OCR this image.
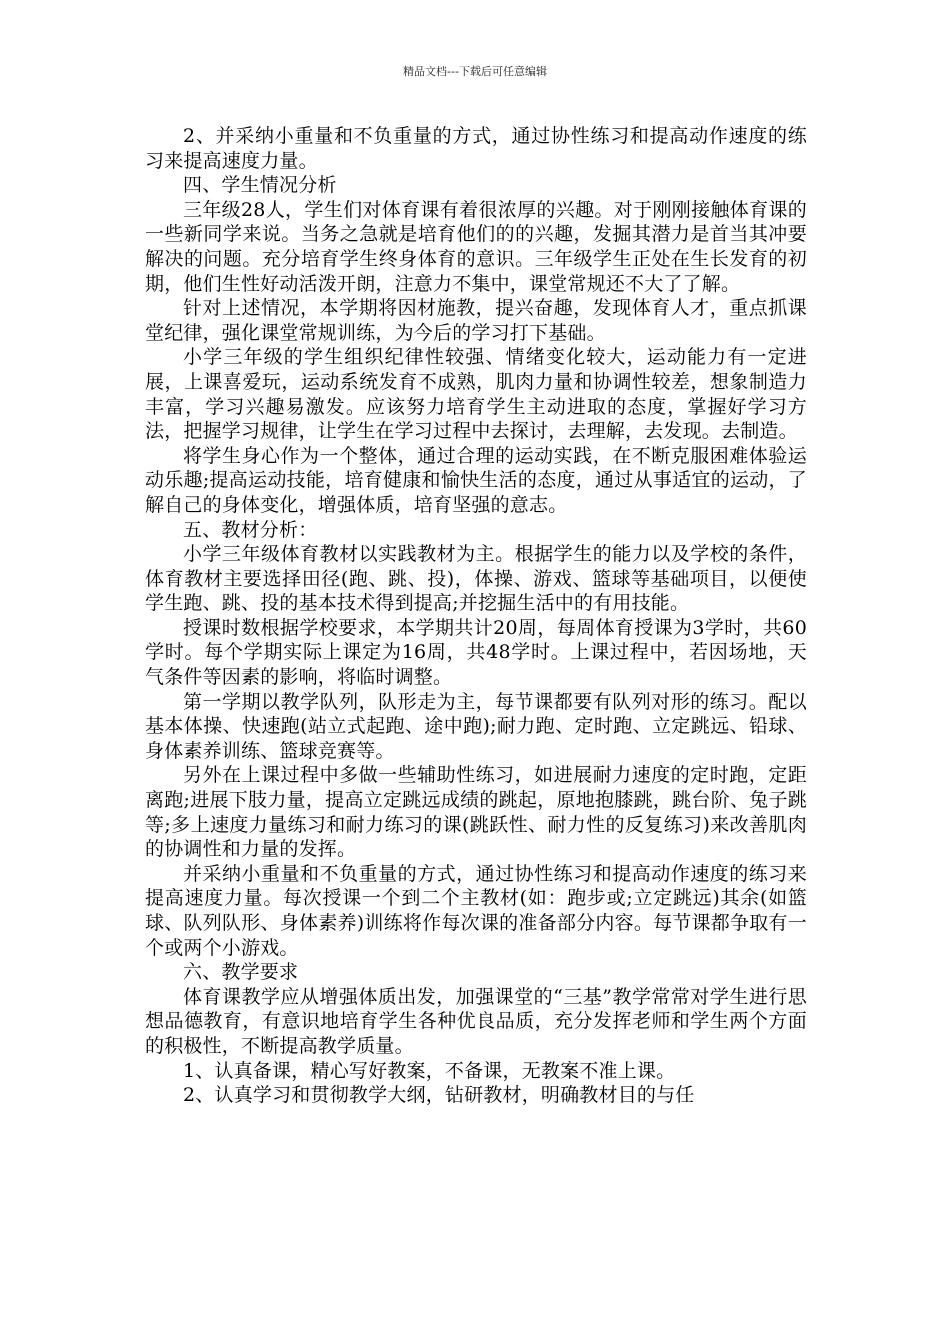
精品文档---下载后可任意编辑

2、并采纳小重量和不负重量的方式，通过协性练习和提高动作速度的练习来提高速度力量。

四、学生情况分析

三年级28人，学生们对体育课有着很浓厚的兴趣。对于刚刚接触体育课的一些新同学来说。当务之急就是培育他们的的兴趣，发掘其潜力是首当其冲要解决的问题。充分培育学生终身体育的意识。三年级学生正处在生长发育的初期，他们生性好动活泼开朗，注意力不集中，课堂常规还不大了了解。

针对上述情况，本学期将因材施教，提兴奋趣，发现体育人才，重点抓课堂纪律，强化课堂常规训练，为今后的学习打下基础。

小学三年级的学生组织纪律性较强、情绪变化较大，运动能力有一定进展，上课喜爱玩，运动系统发育不成熟，肌肉力量和协调性较差，想象制造力丰富，学习兴趣易激发。应该努力培育学生主动进取的态度，掌握好学习方法，把握学习规律，让学生在学习过程中去探讨，去理解，去发现。去制造。

将学生身心作为一个整体，通过合理的运动实践，在不断克服困难体验运动乐趣;提高运动技能，培育健康和愉快生活的态度，通过从事适宜的运动，了解自己的身体变化，增强体质，培育坚强的意志。

五、教材分析：

小学三年级体育教材以实践教材为主。根据学生的能力以及学校的条件，体育教材主要选择田径(跑、跳、投)，体操、游戏、篮球等基础项目，以便使学生跑、跳、投的基本技术得到提高;并挖掘生活中的有用技能。

授课时数根据学校要求，本学期共计20周，每周体育授课为3学时，共60学时。每个学期实际上课定为16周，共48学时。上课过程中，若因场地，天气条件等因素的影响，将临时调整。

第一学期以教学队列，队形走为主，每节课都要有队列对形的练习。配以基本体操、快速跑(站立式起跑、途中跑);耐力跑、定时跑、立定跳远、铅球、身体素养训练、篮球竞赛等。

另外在上课过程中多做一些辅助性练习，如进展耐力速度的定时跑，定距离跑;进展下肢力量，提高立定跳远成绩的跳起，原地抱膝跳，跳台阶、兔子跳等;多上速度力量练习和耐力练习的课(跳跃性、耐力性的反复练习)来改善肌肉的协调性和力量的发挥。

并采纳小重量和不负重量的方式，通过协性练习和提高动作速度的练习来提高速度力量。每次授课一个到二个主教材(如：跑步或;立定跳远)其余(如篮球、队列队形、身体素养)训练将作每次课的准备部分内容。每节课都争取有一个或两个小游戏。

六、教学要求

体育课教学应从增强体质出发，加强课堂的“三基”教学常常对学生进行思想品德教育，有意识地培育学生各种优良品质，充分发挥老师和学生两个方面的积极性，不断提高教学质量。

1、认真备课，精心写好教案，不备课，无教案不准上课。

2、认真学习和贯彻教学大纲，钻研教材，明确教材目的与任
